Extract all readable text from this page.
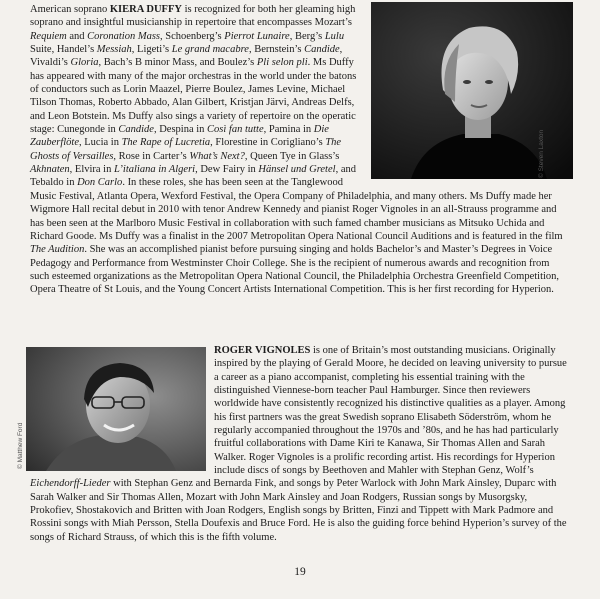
© Steven Laxton
American soprano KIERA DUFFY is recognized for both her gleaming high soprano and insightful musicianship in repertoire that encompasses Mozart’s Requiem and Coronation Mass, Schoenberg’s Pierrot Lunaire, Berg’s Lulu Suite, Handel’s Messiah, Ligeti’s Le grand macabre, Bernstein’s Candide, Vivaldi’s Gloria, Bach’s B minor Mass, and Boulez’s Pli selon pli. Ms Duffy has appeared with many of the major orchestras in the world under the batons of conductors such as Lorin Maazel, Pierre Boulez, James Levine, Michael Tilson Thomas, Roberto Abbado, Alan Gilbert, Kristjan Järvi, Andreas Delfs, and Leon Botstein. Ms Duffy also sings a variety of repertoire on the operatic stage: Cunegonde in Candide, Despina in Così fan tutte, Pamina in Die Zauberflöte, Lucia in The Rape of Lucretia, Florestine in Corigliano’s The Ghosts of Versailles, Rose in Carter’s What’s Next?, Queen Tye in Glass’s Akhnaten, Elvira in L’italiana in Algeri, Dew Fairy in Hänsel und Gretel, and Tebaldo in Don Carlo. In these roles, she has been seen at the Tanglewood Music Festival, Atlanta Opera, Wexford Festival, the Opera Company of Philadelphia, and many others. Ms Duffy made her Wigmore Hall recital debut in 2010 with tenor Andrew Kennedy and pianist Roger Vignoles in an all-Strauss programme and has been seen at the Marlboro Music Festival in collaboration with such famed chamber musicians as Mitsuko Uchida and Richard Goode. Ms Duffy was a finalist in the 2007 Metropolitan Opera National Council Auditions and is featured in the film The Audition. She was an accomplished pianist before pursuing singing and holds Bachelor’s and Master’s Degrees in Voice Pedagogy and Performance from Westminster Choir College. She is the recipient of numerous awards and recognition from such esteemed organizations as the Metropolitan Opera National Council, the Philadelphia Orchestra Greenfield Competition, Opera Theatre of St Louis, and the Young Concert Artists International Competition. This is her first recording for Hyperion.

© Matthew Ford
ROGER VIGNOLES is one of Britain’s most outstanding musicians. Originally inspired by the playing of Gerald Moore, he decided on leaving university to pursue a career as a piano accompanist, completing his essential training with the distinguished Viennese-born teacher Paul Hamburger. Since then reviewers worldwide have consistently recognized his distinctive qualities as a player. Among his first partners was the great Swedish soprano Elisabeth Söderström, whom he regularly accompanied throughout the 1970s and ’80s, and he has had particularly fruitful collaborations with Dame Kiri te Kanawa, Sir Thomas Allen and Sarah Walker. Roger Vignoles is a prolific recording artist. His recordings for Hyperion include discs of songs by Beethoven and Mahler with Stephan Genz, Wolf’s Eichendorff-Lieder with Stephan Genz and Bernarda Fink, and songs by Peter Warlock with John Mark Ainsley, Duparc with Sarah Walker and Sir Thomas Allen, Mozart with John Mark Ainsley and Joan Rodgers, Russian songs by Musorgsky, Prokofiev, Shostakovich and Britten with Joan Rodgers, English songs by Britten, Finzi and Tippett with Mark Padmore and Rossini songs with Miah Persson, Stella Doufexis and Bruce Ford. He is also the guiding force behind Hyperion’s survey of the songs of Richard Strauss, of which this is the fifth volume.

19
